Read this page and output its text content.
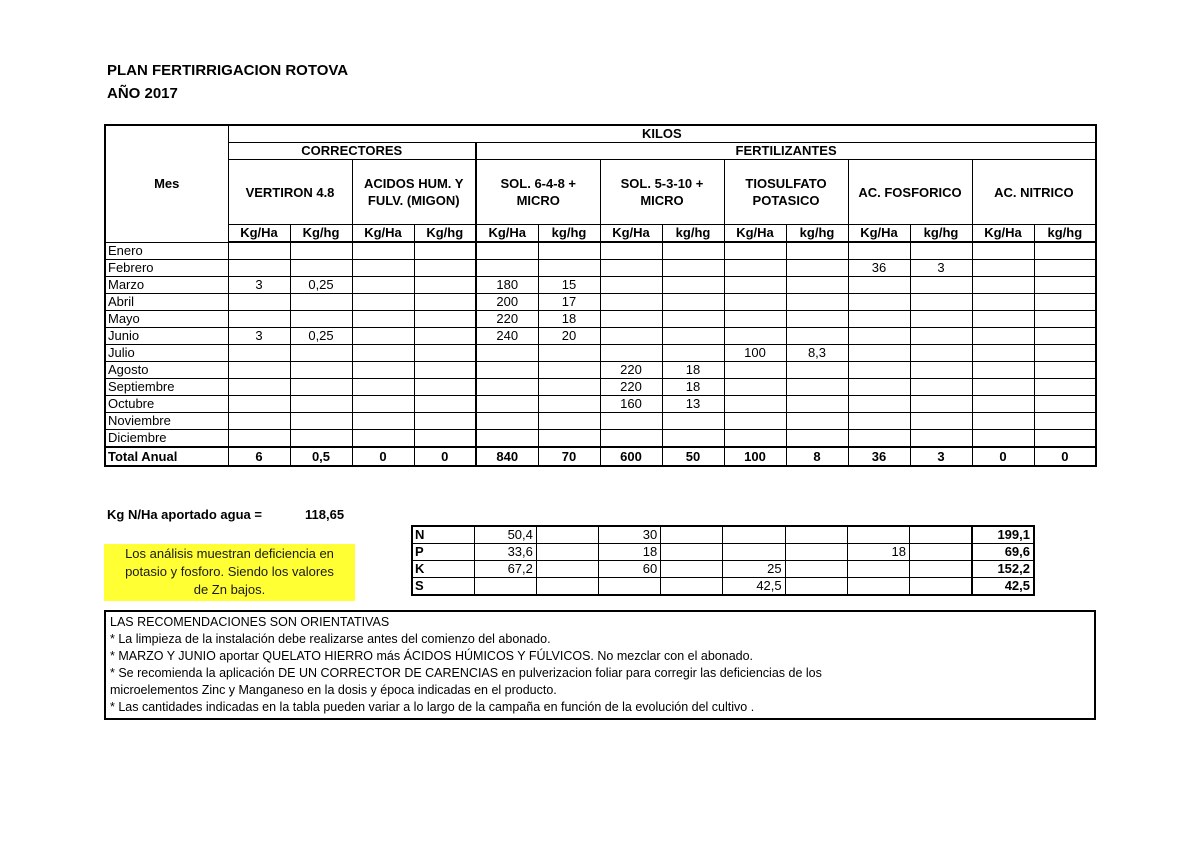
PLAN FERTIRRIGACION ROTOVA
AÑO 2017
Mes	KILOS													
	CORRECTORES				FERTILIZANTES									
	VERTIRON 4.8		ACIDOS HUM. Y FULV. (MIGON)		SOL. 6-4-8 + MICRO		SOL. 5-3-10 + MICRO		TIOSULFATO POTASICO		AC. FOSFORICO		AC. NITRICO	
	Kg/Ha	Kg/hg	Kg/Ha	Kg/hg	Kg/Ha	kg/hg	Kg/Ha	kg/hg	Kg/Ha	kg/hg	Kg/Ha	kg/hg	Kg/Ha	kg/hg
Enero														
Febrero											36	3		
Marzo	3	0,25			180	15								
Abril					200	17								
Mayo					220	18								
Junio	3	0,25			240	20								
Julio									100	8,3				
Agosto							220	18						
Septiembre							220	18						
Octubre							160	13						
Noviembre														
Diciembre														
Total Anual	6	0,5	0	0	840	70	600	50	100	8	36	3	0	0
Kg N/Ha aportado agua =	118,65
Los análisis muestran deficiencia en
potasio y fosforo. Siendo los valores
de Zn bajos.
N	50,4		30						199,1
P	33,6		18				18		69,6
K	67,2		60		25				152,2
S					42,5				42,5
LAS RECOMENDACIONES SON ORIENTATIVAS
* La limpieza de la instalación debe realizarse antes del comienzo del abonado.
* MARZO Y JUNIO aportar QUELATO HIERRO más ÁCIDOS HÚMICOS Y FÚLVICOS. No mezclar con el abonado.
* Se recomienda la aplicación DE UN CORRECTOR DE CARENCIAS en pulverizacion foliar para corregir las deficiencias de los
microelementos Zinc y Manganeso en la dosis y época indicadas en el producto.
* Las cantidades indicadas en la tabla pueden variar a lo largo de la campaña en función de la evolución del cultivo .
